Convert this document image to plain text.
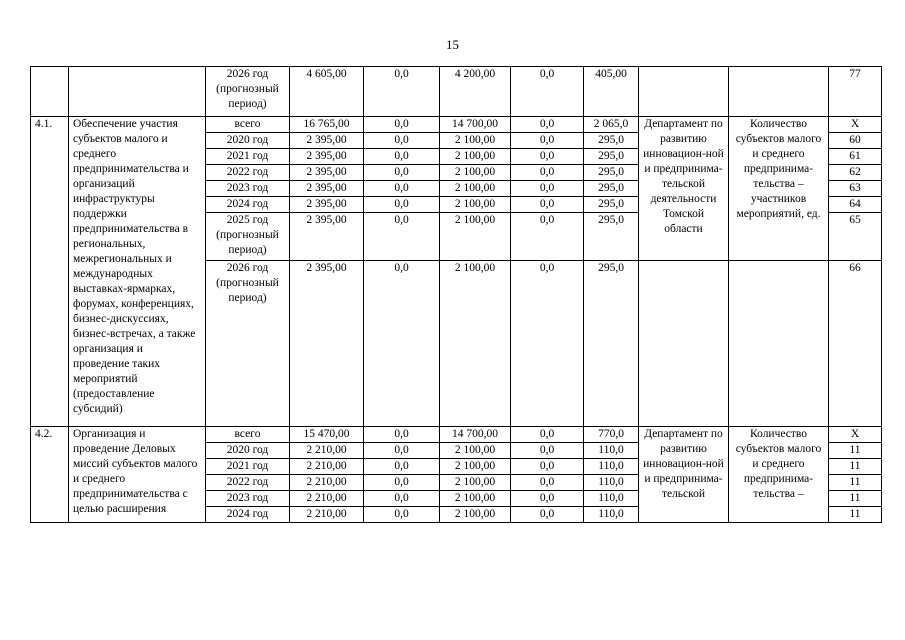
15
		2026 год
(прогнозный
период)	4 605,00	0,0	4 200,00	0,0	405,00			77
4.1.	Обеспечение участия субъектов малого и среднего предпринимательства и организаций инфраструктуры поддержки предпринимательства в региональных, межрегиональных и международных выставках-ярмарках, форумах, конференциях, бизнес-дискуссиях, бизнес-встречах, а также организация и проведение таких мероприятий (предоставление субсидий)	всего	16 765,00	0,0	14 700,00	0,0	2 065,0	Департамент по развитию инновацион-ной и предпринима-тельской деятельности Томской области	Количество субъектов малого и среднего предпринима-тельства – участников мероприятий, ед.	Х
		2020 год	2 395,00	0,0	2 100,00	0,0	295,0			60
		2021 год	2 395,00	0,0	2 100,00	0,0	295,0			61
		2022 год	2 395,00	0,0	2 100,00	0,0	295,0			62
		2023 год	2 395,00	0,0	2 100,00	0,0	295,0			63
		2024 год	2 395,00	0,0	2 100,00	0,0	295,0			64
		2025 год
(прогнозный
период)	2 395,00	0,0	2 100,00	0,0	295,0			65
		2026 год
(прогнозный
период)	2 395,00	0,0	2 100,00	0,0	295,0			66
4.2.	Организация и проведение Деловых миссий субъектов малого и среднего предпринимательства с целью расширения	всего	15 470,00	0,0	14 700,00	0,0	770,0	Департамент по развитию инновацион-ной и предпринима-тельской	Количество субъектов малого и среднего предпринима-тельства –	Х
		2020 год	2 210,00	0,0	2 100,00	0,0	110,0			11
		2021 год	2 210,00	0,0	2 100,00	0,0	110,0			11
		2022 год	2 210,00	0,0	2 100,00	0,0	110,0			11
		2023 год	2 210,00	0,0	2 100,00	0,0	110,0			11
		2024 год	2 210,00	0,0	2 100,00	0,0	110,0			11
